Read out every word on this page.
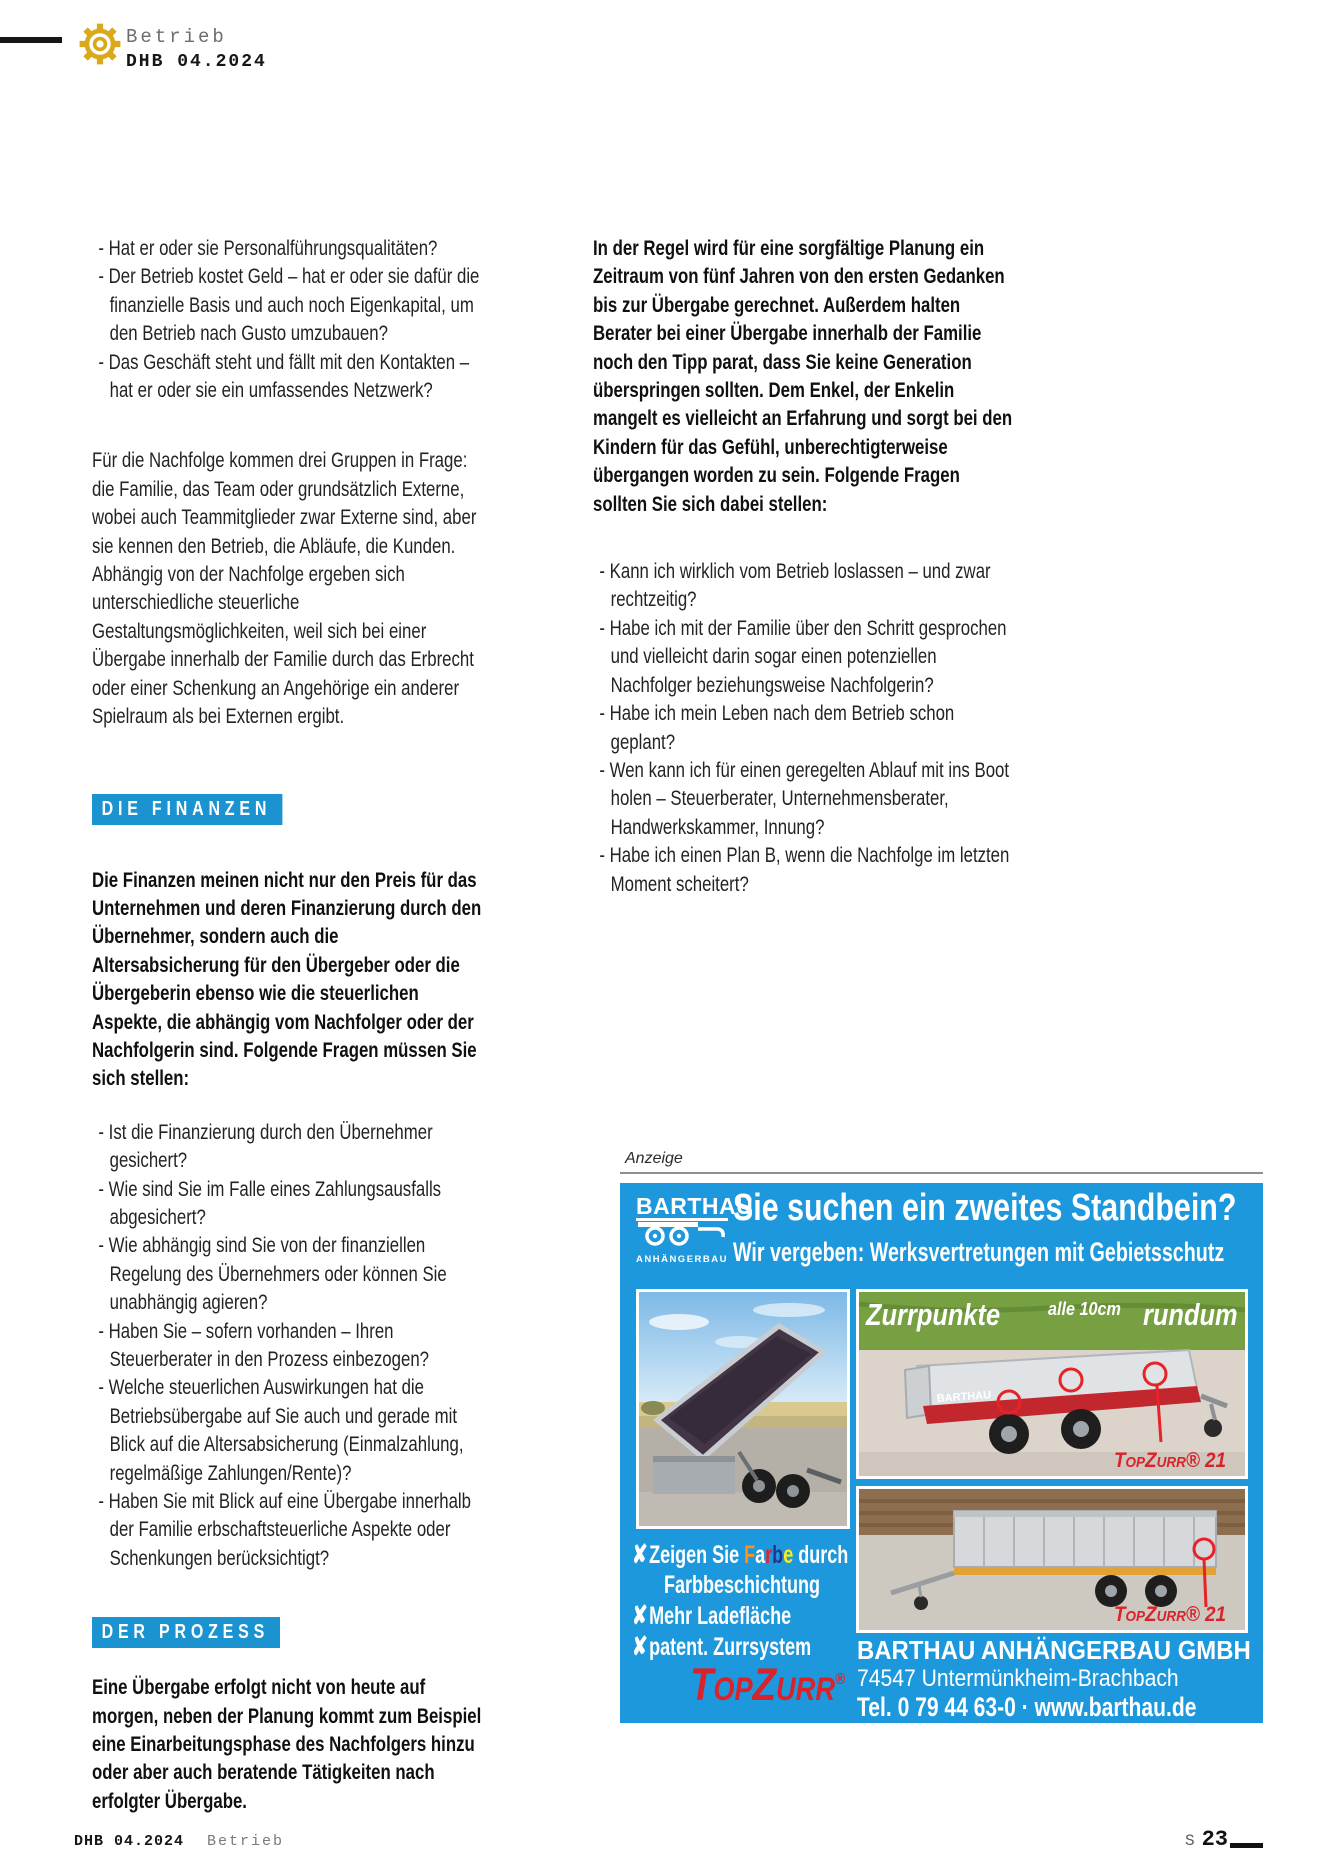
Betrieb
DHB 04.2024
- Hat er oder sie Personalführungsqualitäten?
- Der Betrieb kostet Geld – hat er oder sie dafür die finanzielle Basis und auch noch Eigenkapital, um den Betrieb nach Gusto umzubauen?
- Das Geschäft steht und fällt mit den Kontakten – hat er oder sie ein umfassendes Netzwerk?
Für die Nachfolge kommen drei Gruppen in Frage: die Familie, das Team oder grundsätzlich Externe, wobei auch Teammitglieder zwar Externe sind, aber sie kennen den Betrieb, die Abläufe, die Kunden. Abhängig von der Nachfolge ergeben sich unterschiedliche steuerliche Gestaltungsmöglichkeiten, weil sich bei einer Übergabe innerhalb der Familie durch das Erbrecht oder einer Schenkung an Angehörige ein anderer Spielraum als bei Externen ergibt.
DIE FINANZEN
Die Finanzen meinen nicht nur den Preis für das Unternehmen und deren Finanzierung durch den Übernehmer, sondern auch die Altersabsicherung für den Übergeber oder die Übergeberin ebenso wie die steuerlichen Aspekte, die abhängig vom Nachfolger oder der Nachfolgerin sind. Folgende Fragen müssen Sie sich stellen:
- Ist die Finanzierung durch den Übernehmer gesichert?
- Wie sind Sie im Falle eines Zahlungsausfalls abgesichert?
- Wie abhängig sind Sie von der finanziellen Regelung des Übernehmers oder können Sie unabhängig agieren?
- Haben Sie – sofern vorhanden – Ihren Steuerberater in den Prozess einbezogen?
- Welche steuerlichen Auswirkungen hat die Betriebsübergabe auf Sie auch und gerade mit Blick auf die Altersabsicherung (Einmalzahlung, regelmäßige Zahlungen/Rente)?
- Haben Sie mit Blick auf eine Übergabe innerhalb der Familie erbschaftsteuerliche Aspekte oder Schenkungen berücksichtigt?
DER PROZESS
Eine Übergabe erfolgt nicht von heute auf morgen, neben der Planung kommt zum Beispiel eine Einarbeitungsphase des Nachfolgers hinzu oder aber auch beratende Tätigkeiten nach erfolgter Übergabe.
In der Regel wird für eine sorgfältige Planung ein Zeitraum von fünf Jahren von den ersten Gedanken bis zur Übergabe gerechnet. Außerdem halten Berater bei einer Übergabe innerhalb der Familie noch den Tipp parat, dass Sie keine Generation überspringen sollten. Dem Enkel, der Enkelin mangelt es vielleicht an Erfahrung und sorgt bei den Kindern für das Gefühl, unberechtigterweise übergangen worden zu sein. Folgende Fragen sollten Sie sich dabei stellen:
- Kann ich wirklich vom Betrieb loslassen – und zwar rechtzeitig?
- Habe ich mit der Familie über den Schritt gesprochen und vielleicht darin sogar einen potenziellen Nachfolger beziehungsweise Nachfolgerin?
- Habe ich mein Leben nach dem Betrieb schon geplant?
- Wen kann ich für einen geregelten Ablauf mit ins Boot holen – Steuerberater, Unternehmensberater, Handwerkskammer, Innung?
- Habe ich einen Plan B, wenn die Nachfolge im letzten Moment scheitert?
Anzeige
BARTHAU
ANHÄNGERBAU
Sie suchen ein zweites Standbein?
Wir vergeben: Werksvertretungen mit Gebietsschutz
BARTHAU
Zurrpunkte	alle 10cm rundum
TopZurr® 21
TopZurr® 21
✘Zeigen Sie Farbe durch
Farbbeschichtung
✘Mehr Ladefläche
✘patent. Zurrsystem
TopZurr®
BARTHAU ANHÄNGERBAU GMBH
74547 Untermünkheim-Brachbach
Tel. 0 79 44 63-0 · www.barthau.de
DHB 04.2024 Betrieb	S 23
